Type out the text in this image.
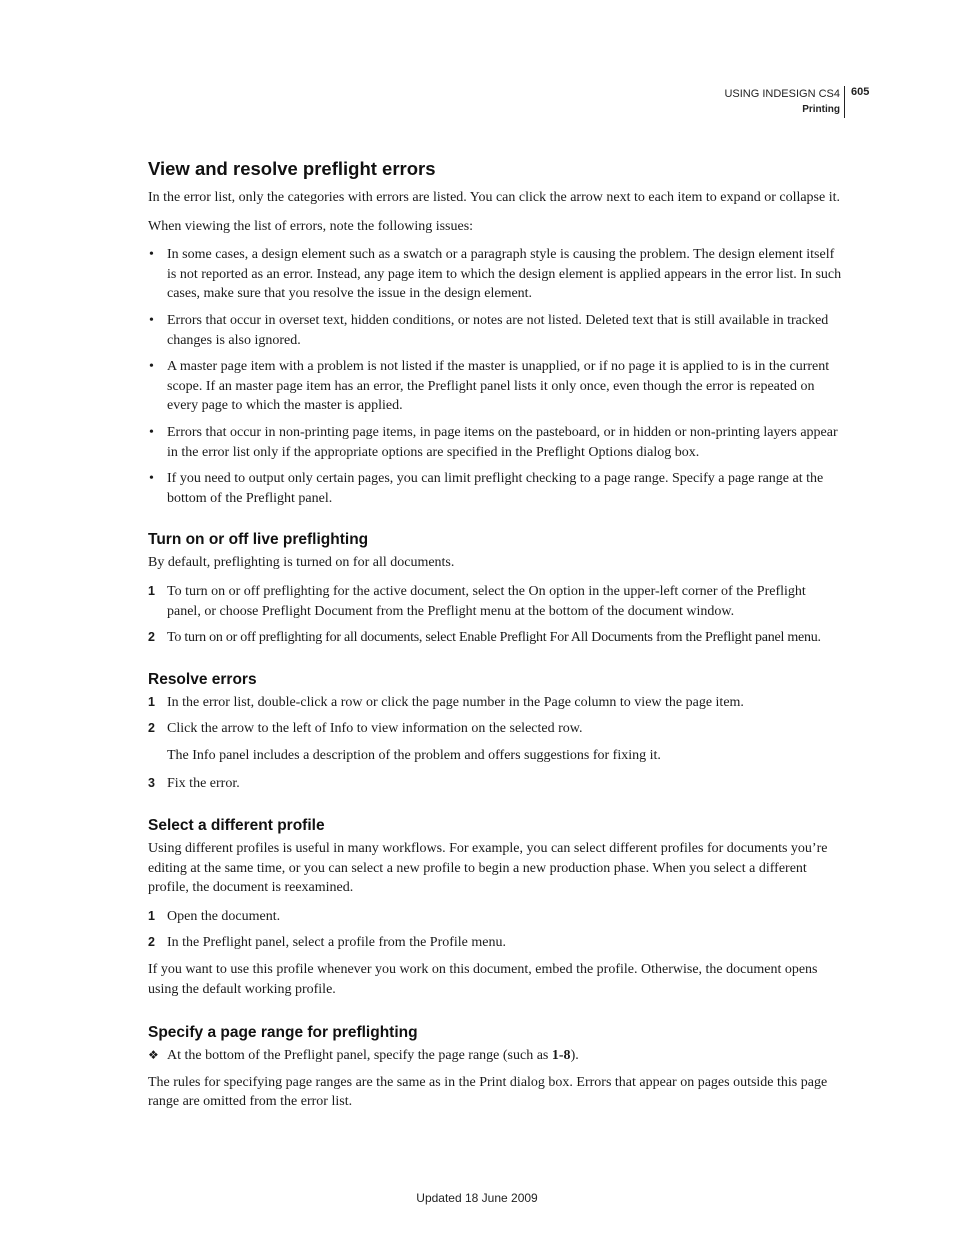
USING INDESIGN CS4
Printing
605
View and resolve preflight errors

In the error list, only the categories with errors are listed. You can click the arrow next to each item to expand or collapse it.

When viewing the list of errors, note the following issues:

• In some cases, a design element such as a swatch or a paragraph style is causing the problem. The design element itself is not reported as an error. Instead, any page item to which the design element is applied appears in the error list. In such cases, make sure that you resolve the issue in the design element.
• Errors that occur in overset text, hidden conditions, or notes are not listed. Deleted text that is still available in tracked changes is also ignored.
• A master page item with a problem is not listed if the master is unapplied, or if no page it is applied to is in the current scope. If an master page item has an error, the Preflight panel lists it only once, even though the error is repeated on every page to which the master is applied.
• Errors that occur in non-printing page items, in page items on the pasteboard, or in hidden or non-printing layers appear in the error list only if the appropriate options are specified in the Preflight Options dialog box.
• If you need to output only certain pages, you can limit preflight checking to a page range. Specify a page range at the bottom of the Preflight panel.
Turn on or off live preflighting

By default, preflighting is turned on for all documents.

1 To turn on or off preflighting for the active document, select the On option in the upper-left corner of the Preflight panel, or choose Preflight Document from the Preflight menu at the bottom of the document window.
2 To turn on or off preflighting for all documents, select Enable Preflight For All Documents from the Preflight panel menu.
Resolve errors
1 In the error list, double-click a row or click the page number in the Page column to view the page item.
2 Click the arrow to the left of Info to view information on the selected row.

The Info panel includes a description of the problem and offers suggestions for fixing it.

3 Fix the error.
Select a different profile

Using different profiles is useful in many workflows. For example, you can select different profiles for documents you’re editing at the same time, or you can select a new profile to begin a new production phase. When you select a different profile, the document is reexamined.

1 Open the document.
2 In the Preflight panel, select a profile from the Profile menu.

If you want to use this profile whenever you work on this document, embed the profile. Otherwise, the document opens using the default working profile.

Specify a page range for preflighting
❖ At the bottom of the Preflight panel, specify the page range (such as 1-8).

The rules for specifying page ranges are the same as in the Print dialog box. Errors that appear on pages outside this page range are omitted from the error list.

Updated 18 June 2009
